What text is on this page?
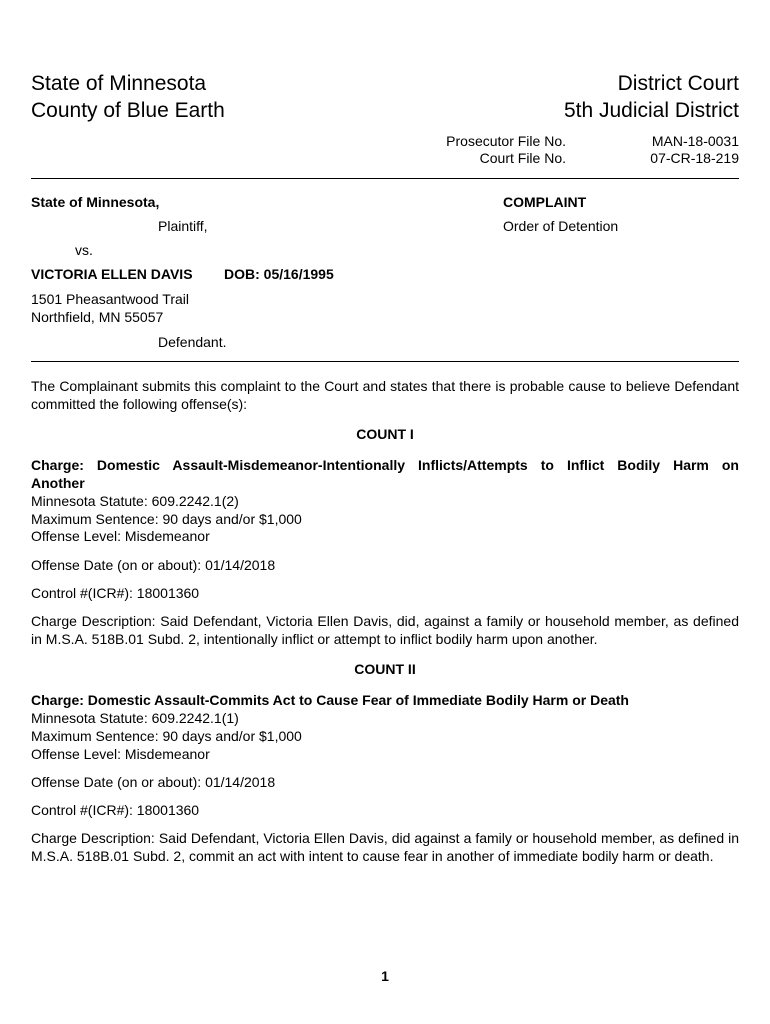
State of Minnesota
County of Blue Earth
District Court
5th Judicial District
Prosecutor File No.	MAN-18-0031
Court File No.	07-CR-18-219
State of Minnesota,
Plaintiff,
vs.
VICTORIA ELLEN DAVIS DOB: 05/16/1995
1501 Pheasantwood Trail
Northfield, MN 55057
Defendant.
COMPLAINT
Order of Detention
The Complainant submits this complaint to the Court and states that there is probable cause to believe Defendant committed the following offense(s):
COUNT I
Charge: Domestic Assault-Misdemeanor-Intentionally Inflicts/Attempts to Inflict Bodily Harm on
Another
Minnesota Statute: 609.2242.1(2)
Maximum Sentence: 90 days and/or $1,000
Offense Level: Misdemeanor
Offense Date (on or about): 01/14/2018
Control #(ICR#): 18001360
Charge Description: Said Defendant, Victoria Ellen Davis, did, against a family or household member, as defined in M.S.A. 518B.01 Subd. 2, intentionally inflict or attempt to inflict bodily harm upon another.
COUNT II
Charge: Domestic Assault-Commits Act to Cause Fear of Immediate Bodily Harm or Death
Minnesota Statute: 609.2242.1(1)
Maximum Sentence: 90 days and/or $1,000
Offense Level: Misdemeanor
Offense Date (on or about): 01/14/2018
Control #(ICR#): 18001360
Charge Description: Said Defendant, Victoria Ellen Davis, did against a family or household member, as defined in M.S.A. 518B.01 Subd. 2, commit an act with intent to cause fear in another of immediate bodily harm or death.
1
